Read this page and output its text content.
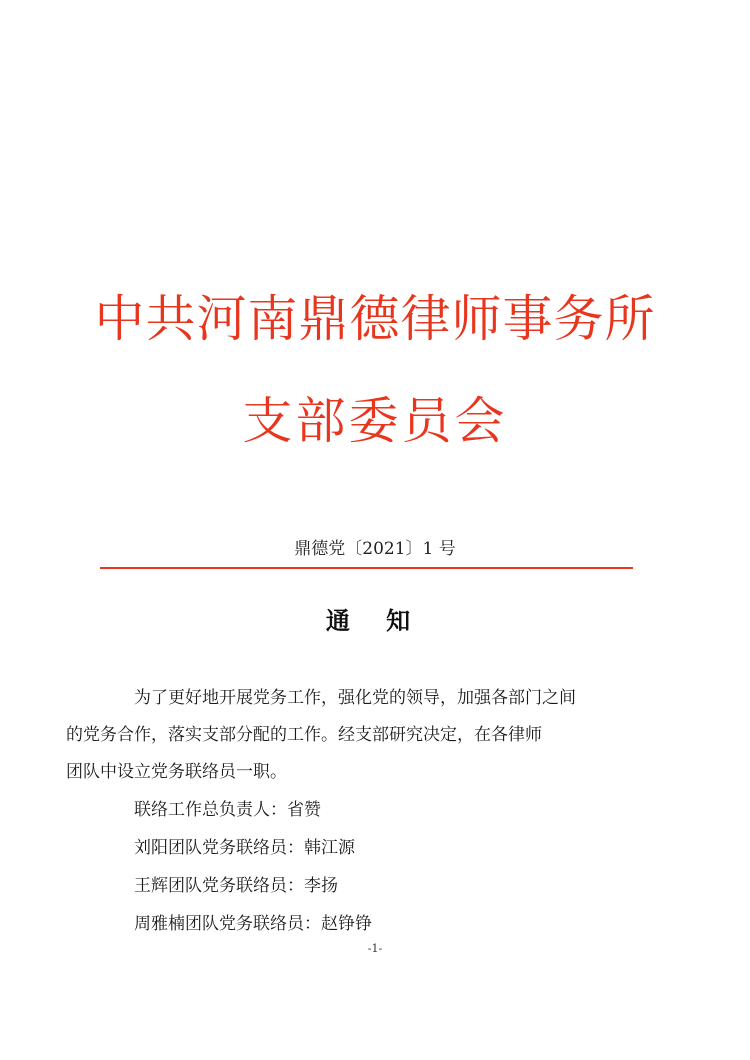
中共河南鼎德律师事务所
支部委员会
鼎德党〔2021〕1 号
通 知
为了更好地开展党务工作，强化党的领导，加强各部门之间
的党务合作，落实支部分配的工作。经支部研究决定，在各律师
团队中设立党务联络员一职。
联络工作总负责人：省赞
刘阳团队党务联络员：韩江源
王辉团队党务联络员：李扬
周雅楠团队党务联络员：赵铮铮
-1-
